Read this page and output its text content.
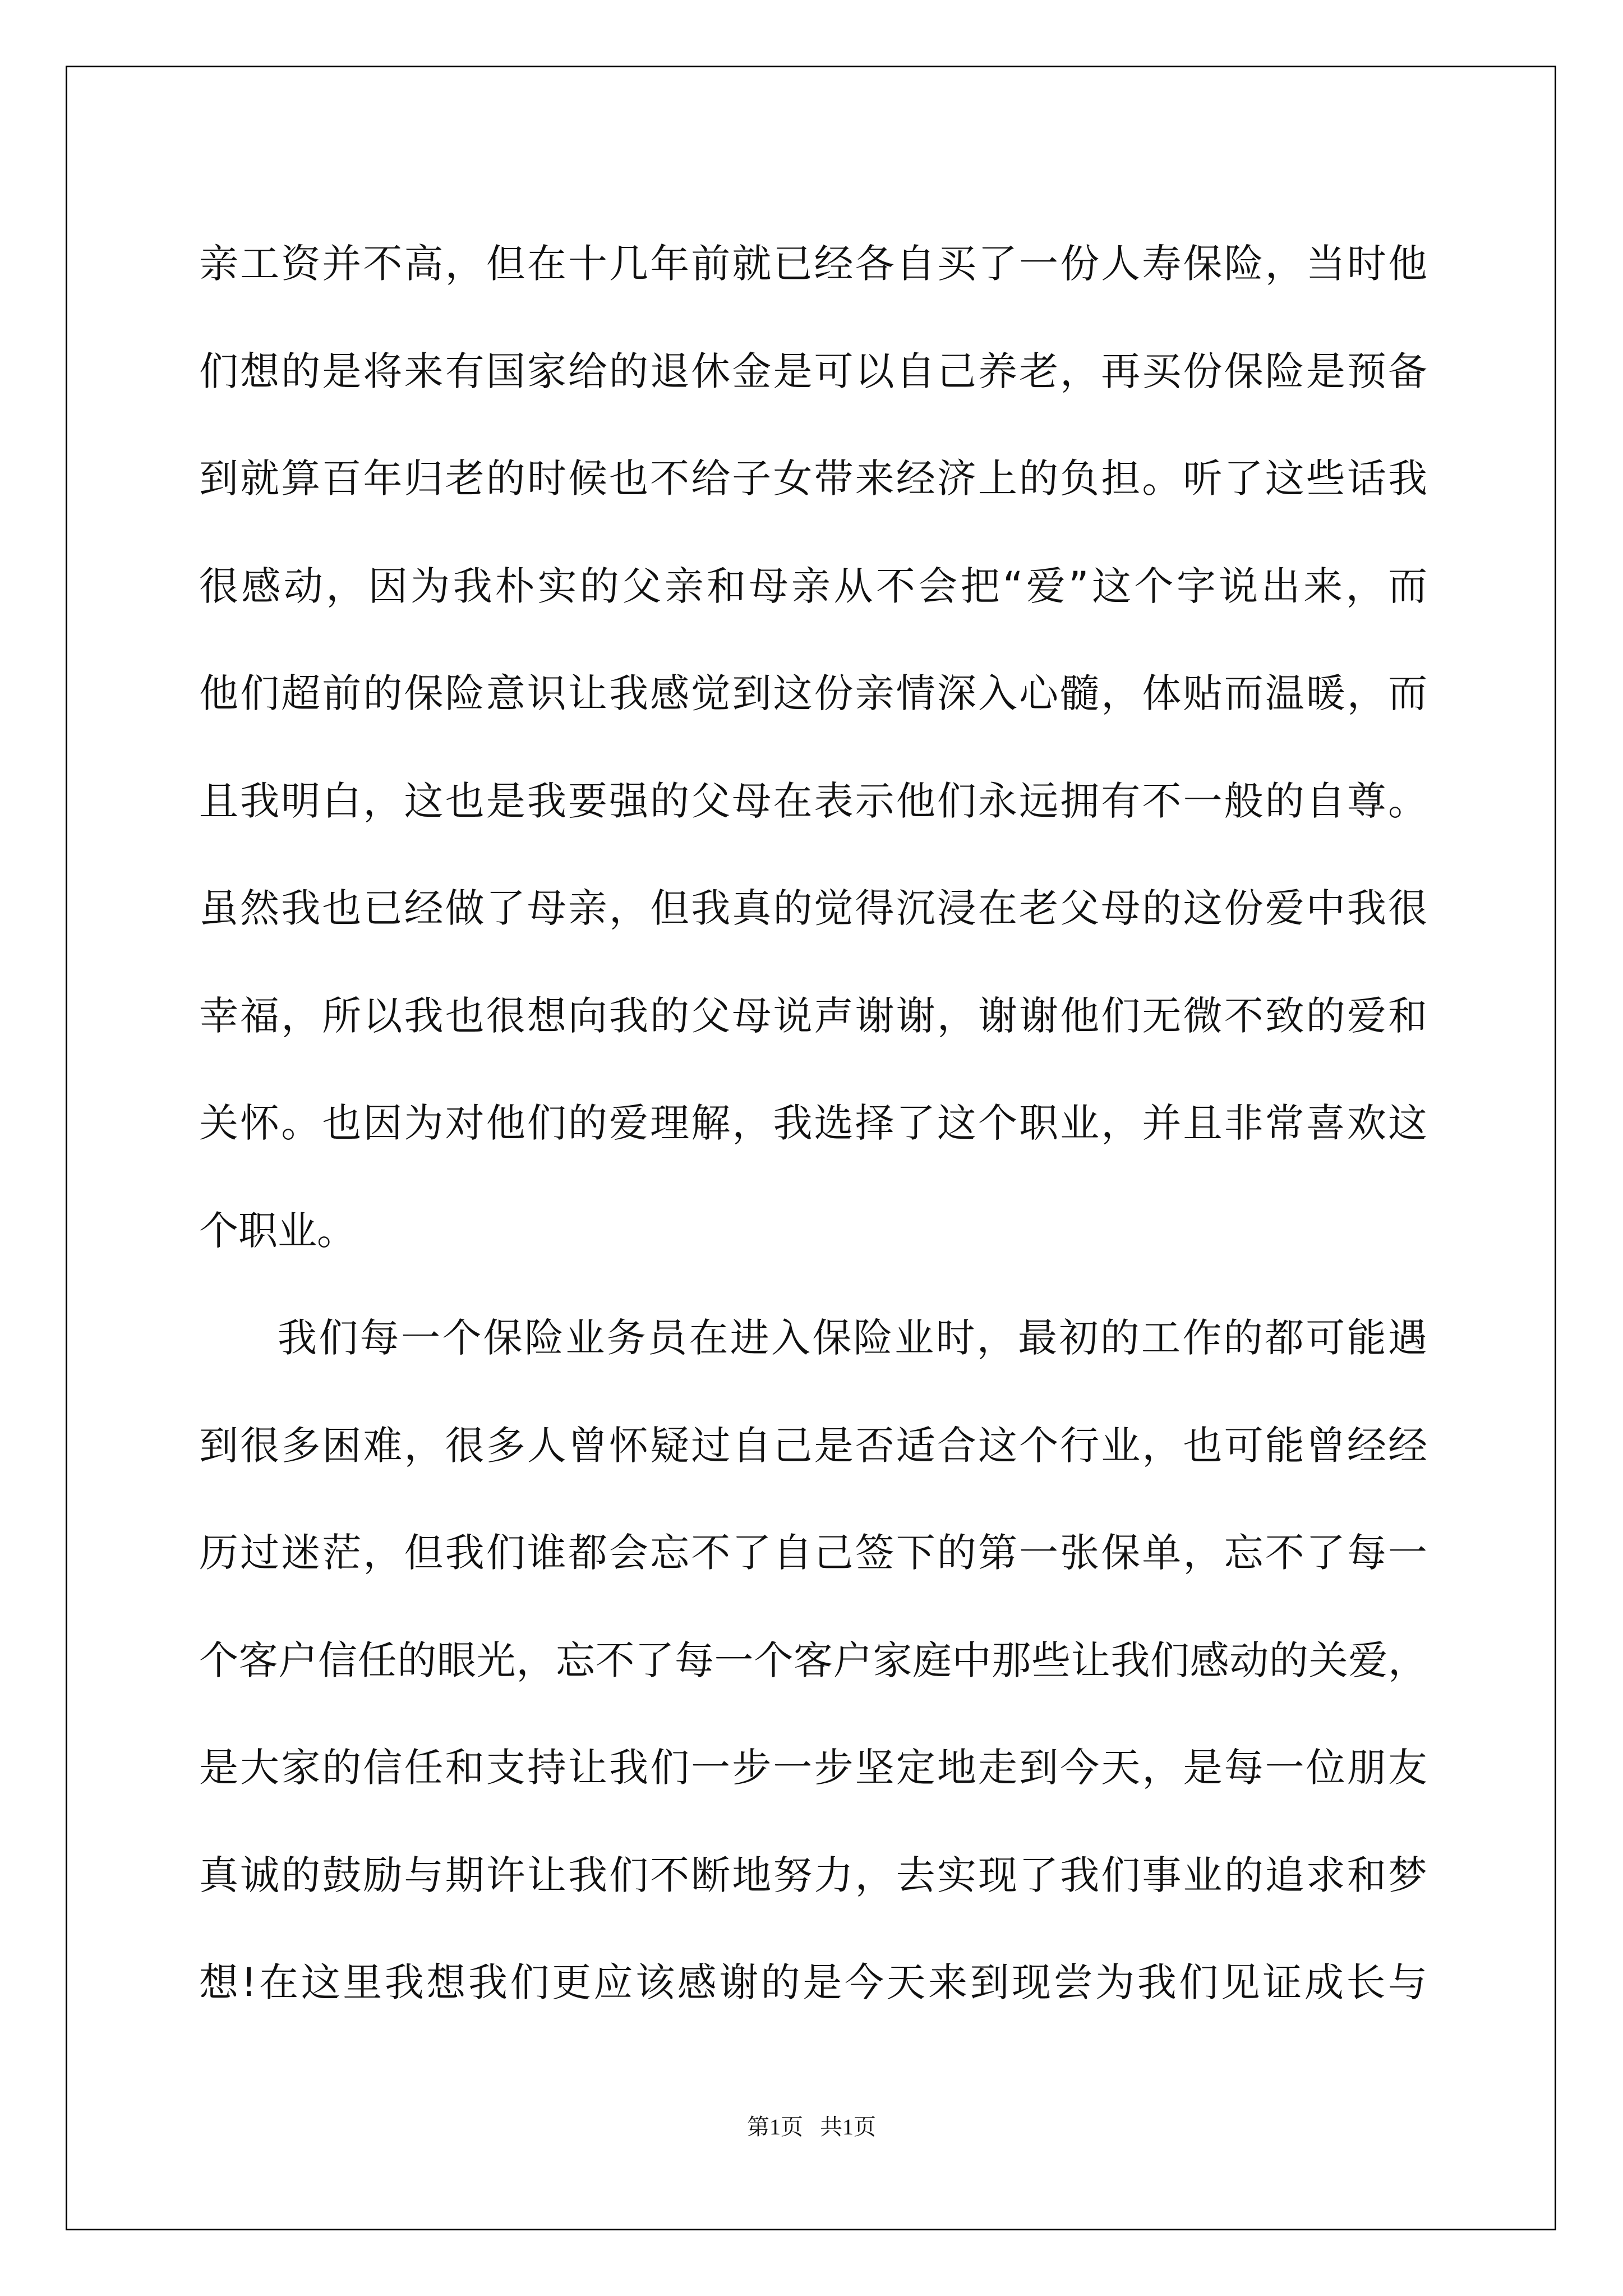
亲工资并不高，但在十几年前就已经各自买了一份人寿保险，当时他
们想的是将来有国家给的退休金是可以自己养老，再买份保险是预备
到就算百年归老的时候也不给子女带来经济上的负担。听了这些话我
很感动，因为我朴实的父亲和母亲从不会把“爱”这个字说出来，而
他们超前的保险意识让我感觉到这份亲情深入心髓，体贴而温暖，而
且我明白，这也是我要强的父母在表示他们永远拥有不一般的自尊。
虽然我也已经做了母亲，但我真的觉得沉浸在老父母的这份爱中我很
幸福，所以我也很想向我的父母说声谢谢，谢谢他们无微不致的爱和
关怀。也因为对他们的爱理解，我选择了这个职业，并且非常喜欢这
个职业。
我们每一个保险业务员在进入保险业时，最初的工作的都可能遇
到很多困难，很多人曾怀疑过自己是否适合这个行业，也可能曾经经
历过迷茫，但我们谁都会忘不了自己签下的第一张保单，忘不了每一
个客户信任的眼光，忘不了每一个客户家庭中那些让我们感动的关爱，
是大家的信任和支持让我们一步一步坚定地走到今天，是每一位朋友
真诚的鼓励与期许让我们不断地努力，去实现了我们事业的追求和梦
想!在这里我想我们更应该感谢的是今天来到现尝为我们见证成长与
第1页   共1页
